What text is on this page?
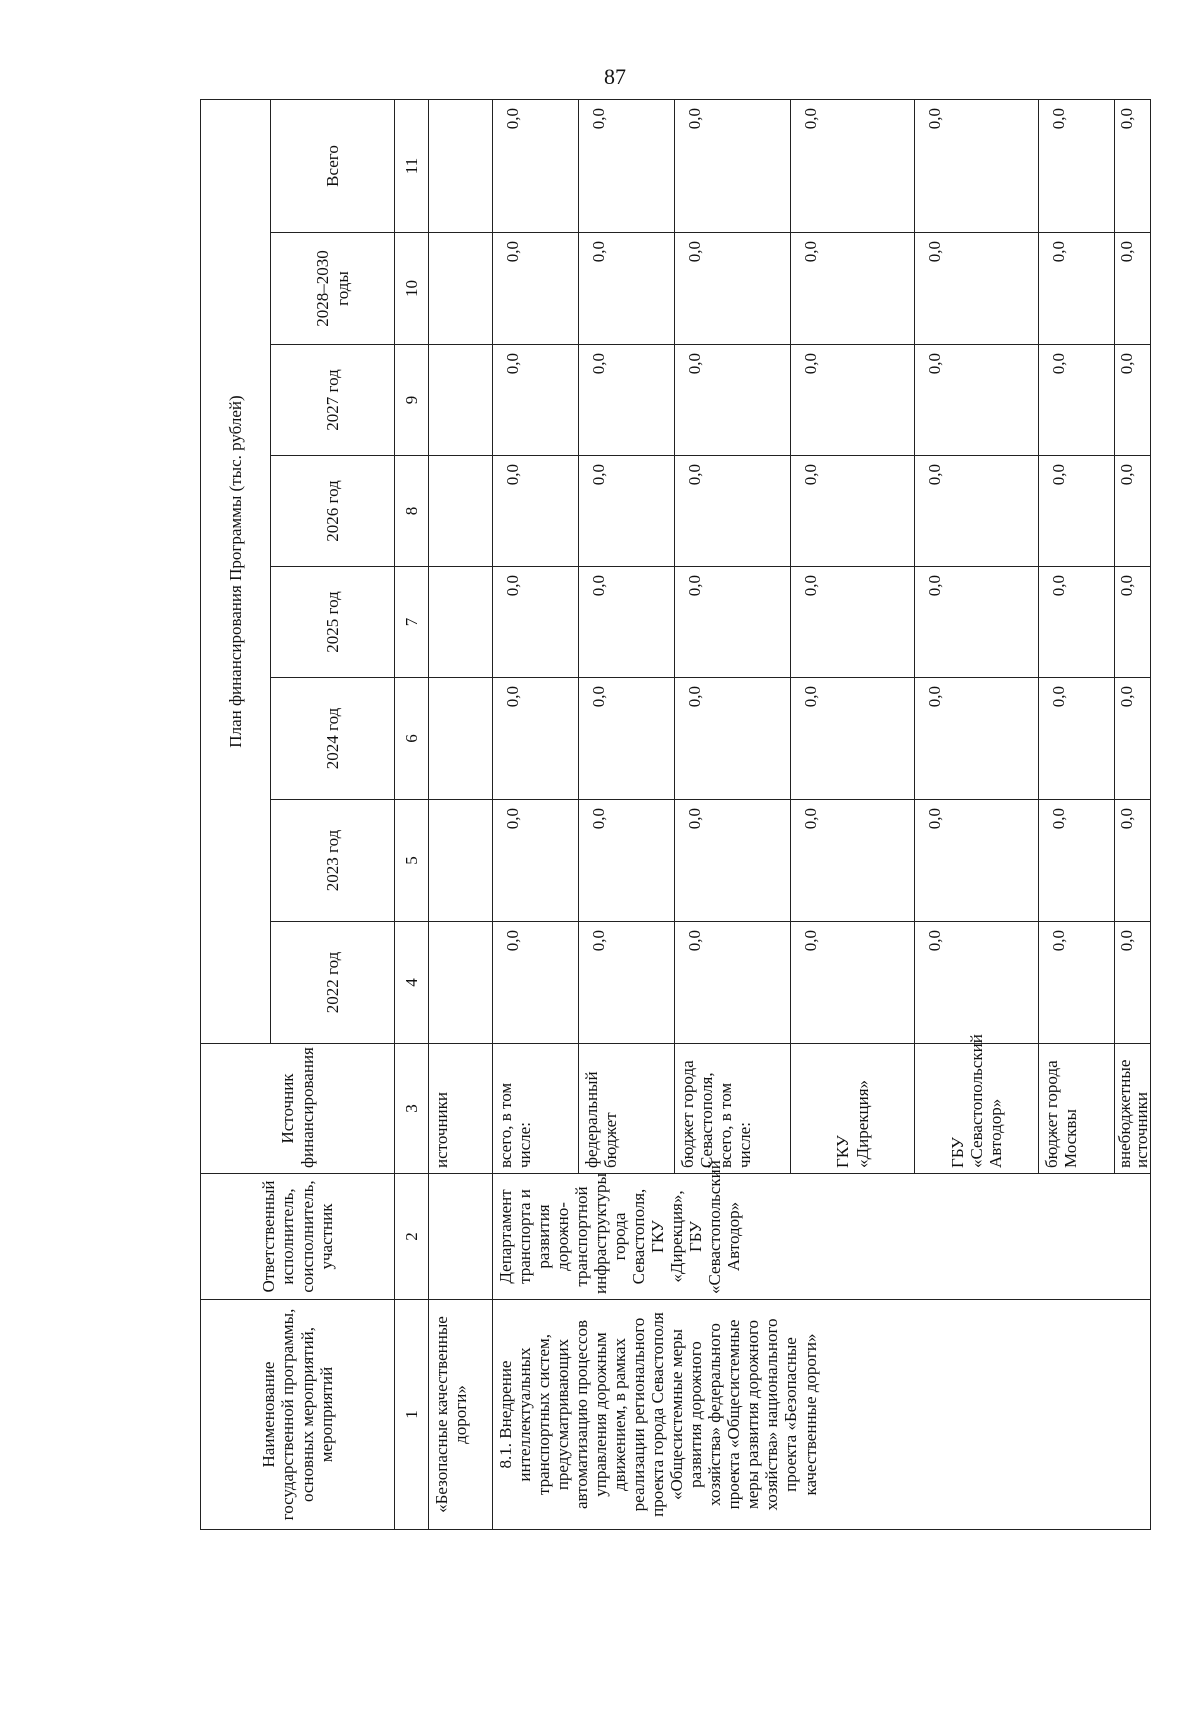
87
Наименование государственной программы, основных мероприятий, мероприятий	Ответственный исполнитель, соисполнитель, участник	Источник финансирования	План финансирования Программы (тыс. рублей)							
			2022 год	2023 год	2024 год	2025 год	2026 год	2027 год	2028–2030 годы	Всего
1	2	3	4	5	6	7	8	9	10	11
«Безопасные качественные дороги»		источники								
8.1. Внедрение интеллектуальных транспортных систем, предусматривающих автоматизацию процессов управления дорожным движением, в рамках реализации регионального проекта города Севастополя «Общесистемные меры развития дорожного хозяйства» федерального проекта «Общесистемные меры развития дорожного хозяйства» национального проекта «Безопасные качественные дороги»	Департамент транспорта и развития дорожно-транспортной инфраструктуры города Севастополя, ГКУ «Дирекция», ГБУ «Севастопольский Автодор»	всего, в том числе:	0,0	0,0	0,0	0,0	0,0	0,0	0,0	0,0
		федеральный бюджет	0,0	0,0	0,0	0,0	0,0	0,0	0,0	0,0
		бюджет города Севастополя, всего, в том числе:	0,0	0,0	0,0	0,0	0,0	0,0	0,0	0,0
		ГКУ «Дирекция»	0,0	0,0	0,0	0,0	0,0	0,0	0,0	0,0
		ГБУ «Севастопольский Автодор»	0,0	0,0	0,0	0,0	0,0	0,0	0,0	0,0
		бюджет города Москвы	0,0	0,0	0,0	0,0	0,0	0,0	0,0	0,0
		внебюджетные источники	0,0	0,0	0,0	0,0	0,0	0,0	0,0	0,0
